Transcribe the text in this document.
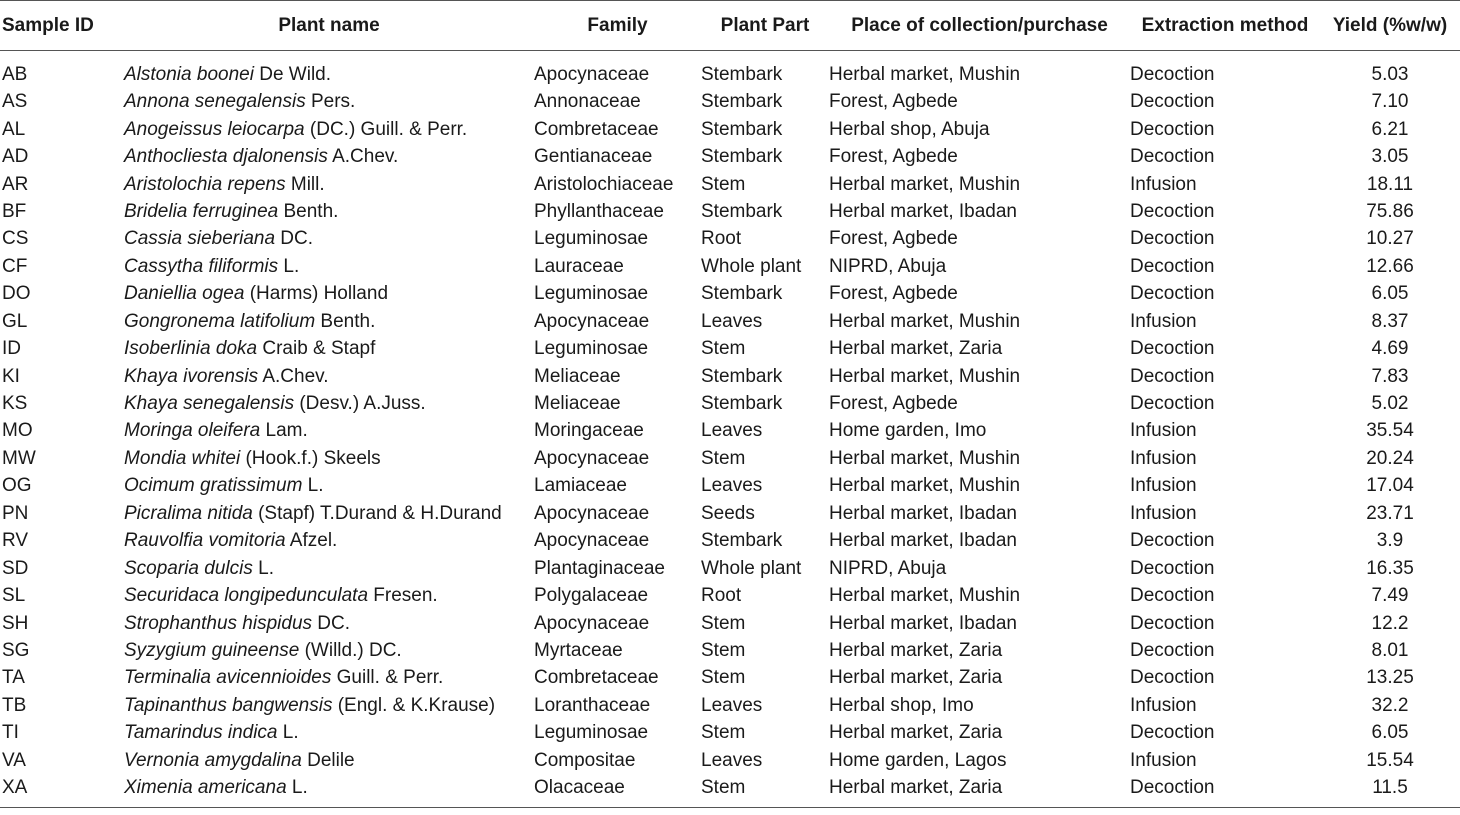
Sample ID	Plant name	Family	Plant Part	Place of collection/purchase	Extraction method	Yield (%w/w)
AB	Alstonia boonei De Wild.	Apocynaceae	Stembark	Herbal market, Mushin	Decoction	5.03
AS	Annona senegalensis Pers.	Annonaceae	Stembark	Forest, Agbede	Decoction	7.10
AL	Anogeissus leiocarpa (DC.) Guill. & Perr.	Combretaceae	Stembark	Herbal shop, Abuja	Decoction	6.21
AD	Anthocliesta djalonensis A.Chev.	Gentianaceae	Stembark	Forest, Agbede	Decoction	3.05
AR	Aristolochia repens Mill.	Aristolochiaceae	Stem	Herbal market, Mushin	Infusion	18.11
BF	Bridelia ferruginea Benth.	Phyllanthaceae	Stembark	Herbal market, Ibadan	Decoction	75.86
CS	Cassia sieberiana DC.	Leguminosae	Root	Forest, Agbede	Decoction	10.27
CF	Cassytha filiformis L.	Lauraceae	Whole plant	NIPRD, Abuja	Decoction	12.66
DO	Daniellia ogea (Harms) Holland	Leguminosae	Stembark	Forest, Agbede	Decoction	6.05
GL	Gongronema latifolium Benth.	Apocynaceae	Leaves	Herbal market, Mushin	Infusion	8.37
ID	Isoberlinia doka Craib & Stapf	Leguminosae	Stem	Herbal market, Zaria	Decoction	4.69
KI	Khaya ivorensis A.Chev.	Meliaceae	Stembark	Herbal market, Mushin	Decoction	7.83
KS	Khaya senegalensis (Desv.) A.Juss.	Meliaceae	Stembark	Forest, Agbede	Decoction	5.02
MO	Moringa oleifera Lam.	Moringaceae	Leaves	Home garden, Imo	Infusion	35.54
MW	Mondia whitei (Hook.f.) Skeels	Apocynaceae	Stem	Herbal market, Mushin	Infusion	20.24
OG	Ocimum gratissimum L.	Lamiaceae	Leaves	Herbal market, Mushin	Infusion	17.04
PN	Picralima nitida (Stapf) T.Durand & H.Durand	Apocynaceae	Seeds	Herbal market, Ibadan	Infusion	23.71
RV	Rauvolfia vomitoria Afzel.	Apocynaceae	Stembark	Herbal market, Ibadan	Decoction	3.9
SD	Scoparia dulcis L.	Plantaginaceae	Whole plant	NIPRD, Abuja	Decoction	16.35
SL	Securidaca longipedunculata Fresen.	Polygalaceae	Root	Herbal market, Mushin	Decoction	7.49
SH	Strophanthus hispidus DC.	Apocynaceae	Stem	Herbal market, Ibadan	Decoction	12.2
SG	Syzygium guineense (Willd.) DC.	Myrtaceae	Stem	Herbal market, Zaria	Decoction	8.01
TA	Terminalia avicennioides Guill. & Perr.	Combretaceae	Stem	Herbal market, Zaria	Decoction	13.25
TB	Tapinanthus bangwensis (Engl. & K.Krause)	Loranthaceae	Leaves	Herbal shop, Imo	Infusion	32.2
TI	Tamarindus indica L.	Leguminosae	Stem	Herbal market, Zaria	Decoction	6.05
VA	Vernonia amygdalina Delile	Compositae	Leaves	Home garden, Lagos	Infusion	15.54
XA	Ximenia americana L.	Olacaceae	Stem	Herbal market, Zaria	Decoction	11.5
